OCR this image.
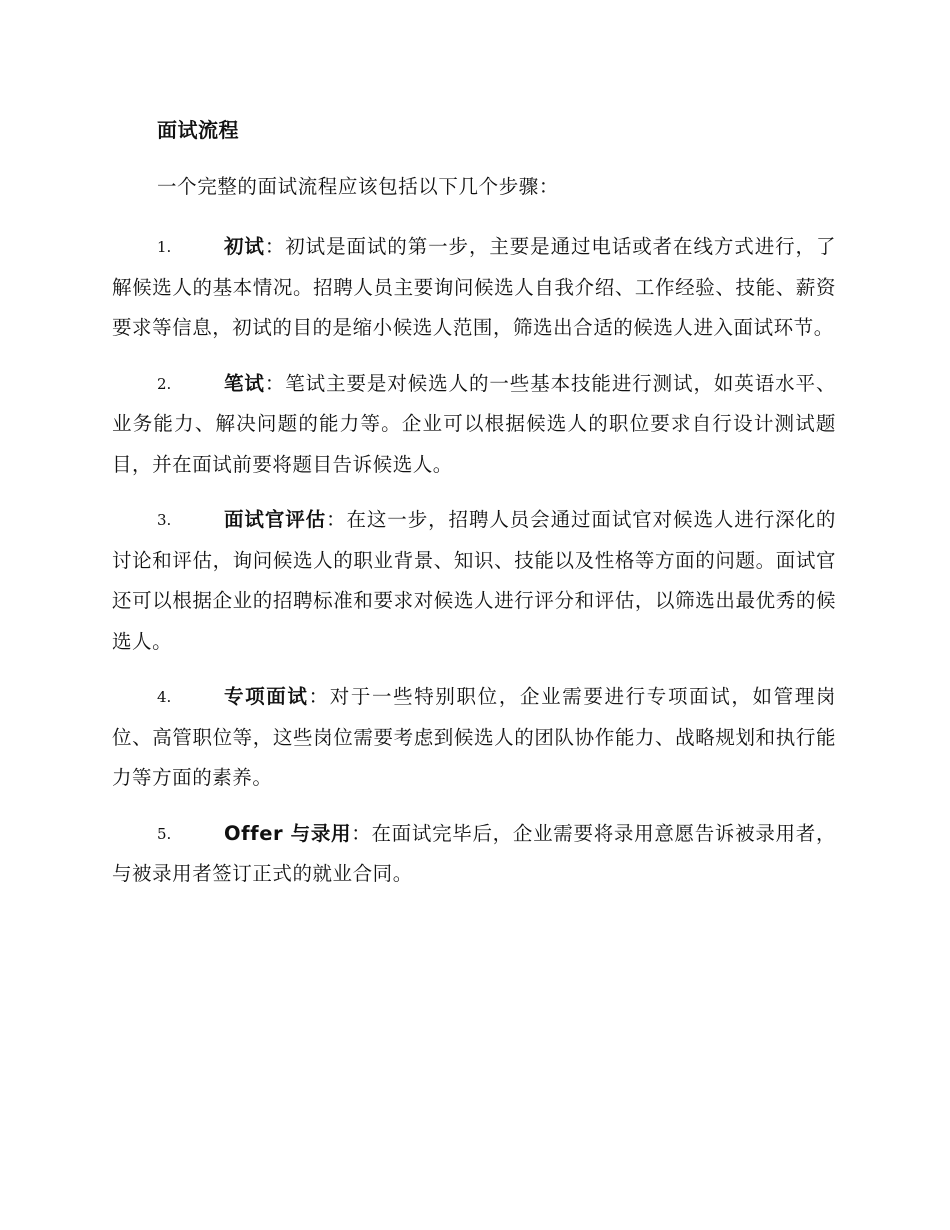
面试流程
一个完整的面试流程应该包括以下几个步骤：
1.	初试：初试是面试的第一步，主要是通过电话或者在线方式进行，了解候选人的基本情况。招聘人员主要询问候选人自我介绍、工作经验、技能、薪资要求等信息，初试的目的是缩小候选人范围，筛选出合适的候选人进入面试环节。
2.	笔试：笔试主要是对候选人的一些基本技能进行测试，如英语水平、业务能力、解决问题的能力等。企业可以根据候选人的职位要求自行设计测试题目，并在面试前要将题目告诉候选人。
3.	面试官评估：在这一步，招聘人员会通过面试官对候选人进行深化的讨论和评估，询问候选人的职业背景、知识、技能以及性格等方面的问题。面试官还可以根据企业的招聘标准和要求对候选人进行评分和评估，以筛选出最优秀的候选人。
4.	专项面试：对于一些特别职位，企业需要进行专项面试，如管理岗位、高管职位等，这些岗位需要考虑到候选人的团队协作能力、战略规划和执行能力等方面的素养。
5.	Offer 与录用：在面试完毕后，企业需要将录用意愿告诉被录用者，与被录用者签订正式的就业合同。
